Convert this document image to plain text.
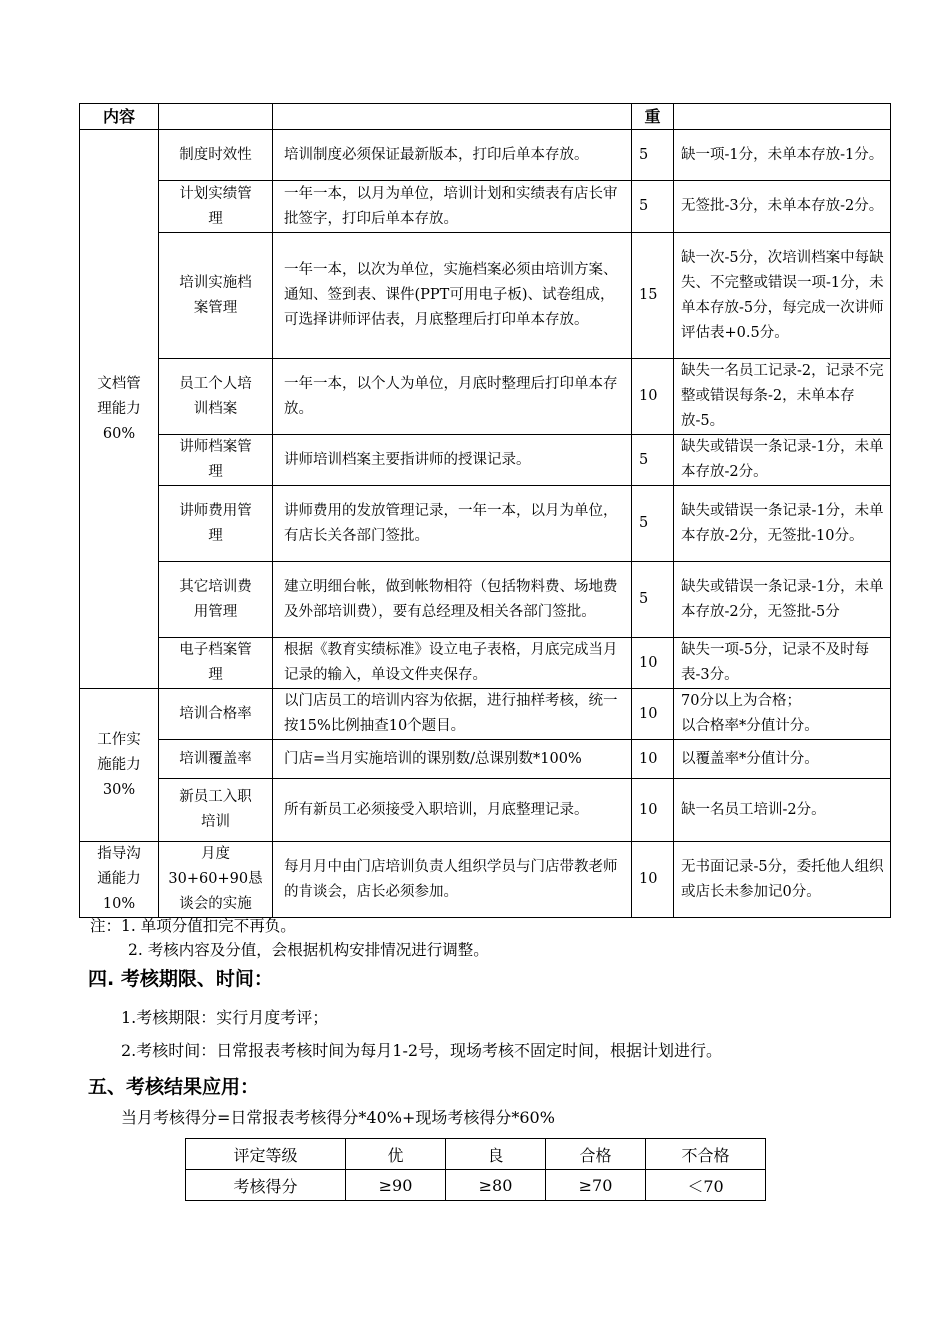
内容			重	
文档管
理能力
60%	制度时效性	培训制度必须保证最新版本，打印后单本存放。	5	缺一项-1分，未单本存放-1分。
	计划实绩管
理	一年一本，以月为单位，培训计划和实绩表有店长审批签字，打印后单本存放。	5	无签批-3分，未单本存放-2分。
	培训实施档
案管理	一年一本，以次为单位，实施档案必须由培训方案、通知、签到表、课件(PPT可用电子板)、试卷组成，可选择讲师评估表，月底整理后打印单本存放。	15	缺一次-5分，次培训档案中每缺失、不完整或错误一项-1分，未单本存放-5分，每完成一次讲师评估表+0.5分。
	员工个人培
训档案	一年一本，以个人为单位，月底时整理后打印单本存放。	10	缺失一名员工记录-2，记录不完整或错误每条-2，未单本存放-5。
	讲师档案管
理	讲师培训档案主要指讲师的授课记录。	5	缺失或错误一条记录-1分，未单本存放-2分。
	讲师费用管
理	讲师费用的发放管理记录，一年一本，以月为单位，有店长关各部门签批。	5	缺失或错误一条记录-1分，未单本存放-2分，无签批-10分。
	其它培训费
用管理	建立明细台帐，做到帐物相符（包括物料费、场地费及外部培训费），要有总经理及相关各部门签批。	5	缺失或错误一条记录-1分，未单本存放-2分，无签批-5分
	电子档案管
理	根据《教育实绩标准》设立电子表格，月底完成当月记录的输入，单设文件夹保存。	10	缺失一项-5分，记录不及时每表-3分。
工作实
施能力
30%	培训合格率	以门店员工的培训内容为依据，进行抽样考核，统一按15%比例抽查10个题目。	10	70分以上为合格；
以合格率*分值计分。
	培训覆盖率	门店=当月实施培训的课别数/总课别数*100%	10	以覆盖率*分值计分。
	新员工入职
培训	所有新员工必须接受入职培训，月底整理记录。	10	缺一名员工培训-2分。
指导沟
通能力
10%	月度
30+60+90恳
谈会的实施	每月月中由门店培训负责人组织学员与门店带教老师的肯谈会，店长必须参加。	10	无书面记录-5分，委托他人组织或店长未参加记0分。
注：1. 单项分值扣完不再负。
2. 考核内容及分值，会根据机构安排情况进行调整。
四. 考核期限、时间：
1.考核期限：实行月度考评；
2.考核时间：日常报表考核时间为每月1-2号，现场考核不固定时间，根据计划进行。
五、考核结果应用：
当月考核得分=日常报表考核得分*40%+现场考核得分*60%
评定等级	优	良	合格	不合格
考核得分	≥90	≥80	≥70	＜70
